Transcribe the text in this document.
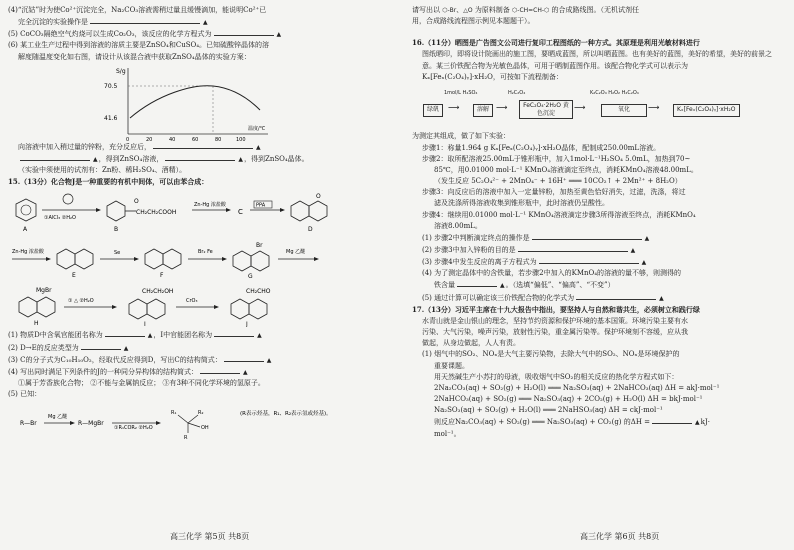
(4)“沉钴”时为使Co²⁺沉淀完全，Na₂CO₃溶液需稍过量且缓慢滴加，能说明Co²⁺已
完全沉淀的实验操作是	▲
(5) CoCO₃隔绝空气灼烧可以生成Co₂O₃，该反应的化学方程式为	▲
(6) 某工业生产过程中得到溶液的溶质主要是ZnSO₄和CuSO₄。已知硫酸锌晶体的溶
解度随温度变化如右图，请设计从该混合液中获取ZnSO₄晶体的实验方案：
S/g
70.5
41.6
0	20	40	60	80	100
温度/℃
向溶液中加入稍过量的锌粉，充分反应后，	▲
▲，得到ZnSO₄溶液，	▲，得到ZnSO₄晶体。
（实验中须使用的试剂有：Zn粉、稀H₂SO₄、酒精）。
15.（13分）化合物J是一种重要的有机中间体，可以由苯合成：
A
①AlCl₃ ②H₂O
O
CH₂CH₂COOH
B
Zn-Hg 浓盐酸
C
PPA
O
D

Zn-Hg 浓盐酸
E
Se
F
Br₂ Fe
Br
G
Mg 乙醚

MgBr
H
① △ ②H₂O
CH₂CH₂OH
I
CrO₃
CH₂CHO
J
(1) 物质D中含氧官能团名称为	▲，I中官能团名称为	▲
(2) D→E的反应类型为	▲
(3) C的分子式为C₁₀H₁₀O₂，经取代反应得到D，写出C的结构简式：	▲
(4) 写出同时满足下列条件的J的一种同分异构体的结构简式：	▲
①属于芳香族化合物； ②不能与金属钠反应； ③有3种不同化学环境的氢原子。
(5) 已知：
R—Br
Mg 乙醚
R—MgBr
①R₁COR₂ ②H₂O
R₁	R₂
OH
R
(R表示烃基，R₁、R₂表示氢或烃基)。
高三化学 第5页 共8页
请写出以 ⬡-Br、△O 为原料制备 ⬡-CH=CH-⬡ 的合成路线图。（无机试剂任
用，合成路线流程图示例见本题题干）。
16.（11分）晒图是广告图文公司进行复印工程图纸的一种方式。其原理是利用光敏材料进行
图纸晒印，即将设计院画出的施工图，要晒成蓝图，所以叫晒蓝图。也有美好的蓝图，美好的希望，美好的前景之
意。某三价铁配合物为光敏色晶体，可用于晒制蓝图作用。该配合物化学式可以表示为
Kₓ[Feₓ(C₂O₄)ᵧ]·xH₂O，可按如下流程制备：
绿矾
1mol/L H₂SO₄
⟶	溶解
H₂C₂O₄
⟶	FeC₂O₄·2H₂O 黄色沉淀
K₂C₂O₄ H₂O₂ H₂C₂O₄
⟶	氧化	⟶	Kₓ[Feₓ(C₂O₄)ᵧ]·xH₂O
为测定其组成，做了如下实验：
步骤1：称量1.964 g Kₓ[Feₓ(C₂O₄)ᵧ]·xH₂O晶体，配制成250.00mL溶液。
步骤2：取所配溶液25.00mL于锥形瓶中，加入1mol·L⁻¹H₂SO₄ 5.0mL，加热到70~
85℃，用0.01000 mol·L⁻¹ KMnO₄溶液滴定至终点，消耗KMnO₄溶液48.00mL。
（发生反应 5C₂O₄²⁻ + 2MnO₄⁻ + 16H⁺ ═══ 10CO₂↑ + 2Mn²⁺ + 8H₂O）
步骤3：向反应后的溶液中加入一定量锌粉，加热至黄色恰好消失，过滤，洗涤，将过
滤及洗涤所得溶液收集到锥形瓶中，此时溶液仍呈酸性。
步骤4：继续用0.01000 mol·L⁻¹ KMnO₄溶液滴定步骤3所得溶液至终点，消耗KMnO₄
溶液8.00mL。
(1) 步骤2中判断滴定终点的操作是	▲
(2) 步骤3中加入锌粉的目的是	▲
(3) 步骤4中发生反应的离子方程式为	▲
(4) 为了测定晶体中的含铁量，若步骤2中加入的KMnO₄的溶液的量不够，则测得的
铁含量	▲。（选填“偏低”、“偏高”、“不变”）
(5) 通过计算可以确定该三价铁配合物的化学式为	▲
17.（13分）习近平主席在十九大报告中指出，要坚持人与自然和谐共生，必须树立和践行绿
水青山就是金山银山的理念，坚持节约资源和保护环境的基本国策。环境污染主要有水
污染、大气污染，噪声污染，放射性污染，重金属污染等。保护环境刻不容缓，应从我
做起，从身边做起，人人有责。
(1) 烟气中的SO₂、NOₓ是大气主要污染物，去除大气中的SO₂、NOₓ是环境保护的
重要课题。
用天然碱生产小苏打的母液，吸收烟气中SO₂的相关反应的热化学方程式如下：
2Na₂CO₃(aq) + SO₂(g) + H₂O(l) ═══ Na₂SO₃(aq) + 2NaHCO₃(aq) ΔH = akJ·mol⁻¹
2NaHCO₃(aq) + SO₂(g) ═══ Na₂SO₃(aq) + 2CO₂(g) + H₂O(l) ΔH = bkJ·mol⁻¹
Na₂SO₃(aq) + SO₂(g) + H₂O(l) ═══ 2NaHSO₃(aq) ΔH = ckJ·mol⁻¹
则反应Na₂CO₃(aq) + SO₂(g) ═══ Na₂SO₃(aq) + CO₂(g) 的ΔH =	▲kJ·
mol⁻¹。
高三化学 第6页 共8页
